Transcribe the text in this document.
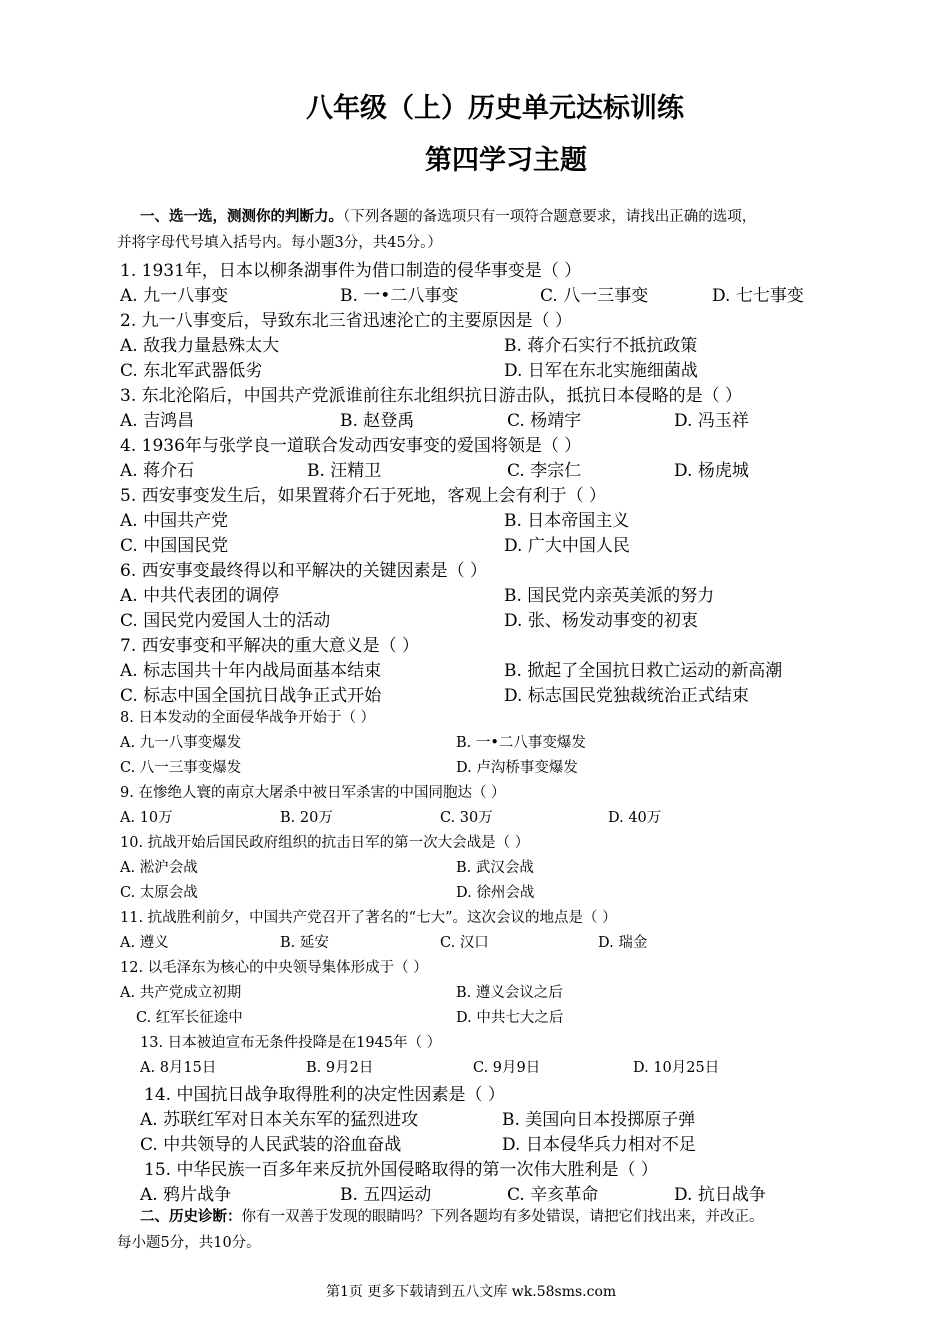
八年级（上）历史单元达标训练
第四学习主题
一、选一选，测测你的判断力。（下列各题的备选项只有一项符合题意要求，请找出正确的选项，
并将字母代号填入括号内。每小题3分，共45分。）
1. 1931年，日本以柳条湖事件为借口制造的侵华事变是（ ）
A. 九一八事变	B. 一•二八事变	C. 八一三事变	D. 七七事变
2. 九一八事变后，导致东北三省迅速沦亡的主要原因是（ ）
A. 敌我力量悬殊太大	B. 蒋介石实行不抵抗政策
C. 东北军武器低劣	D. 日军在东北实施细菌战
3. 东北沦陷后，中国共产党派谁前往东北组织抗日游击队，抵抗日本侵略的是（ ）
A. 吉鸿昌	B. 赵登禹	C. 杨靖宇	D. 冯玉祥
4. 1936年与张学良一道联合发动西安事变的爱国将领是（ ）
A. 蒋介石	B. 汪精卫	C. 李宗仁	D. 杨虎城
5. 西安事变发生后，如果置蒋介石于死地，客观上会有利于（ ）
A. 中国共产党	B. 日本帝国主义
C. 中国国民党	D. 广大中国人民
6. 西安事变最终得以和平解决的关键因素是（ ）
A. 中共代表团的调停	B. 国民党内亲英美派的努力
C. 国民党内爱国人士的活动	D. 张、杨发动事变的初衷
7. 西安事变和平解决的重大意义是（ ）
A. 标志国共十年内战局面基本结束	B. 掀起了全国抗日救亡运动的新高潮
C. 标志中国全国抗日战争正式开始	D. 标志国民党独裁统治正式结束
8. 日本发动的全面侵华战争开始于（ ）
A. 九一八事变爆发	B. 一•二八事变爆发
C. 八一三事变爆发	D. 卢沟桥事变爆发
9. 在惨绝人寰的南京大屠杀中被日军杀害的中国同胞达（ ）
A. 10万	B. 20万	C. 30万	D. 40万
10. 抗战开始后国民政府组织的抗击日军的第一次大会战是（ ）
A. 淞沪会战	B. 武汉会战
C. 太原会战	D. 徐州会战
11. 抗战胜利前夕，中国共产党召开了著名的“七大”。这次会议的地点是（ ）
A. 遵义	B. 延安	C. 汉口	D. 瑞金
12. 以毛泽东为核心的中央领导集体形成于（ ）
A. 共产党成立初期	B. 遵义会议之后
C. 红军长征途中	D. 中共七大之后
13. 日本被迫宣布无条件投降是在1945年（ ）
A. 8月15日	B. 9月2日	C. 9月9日	D. 10月25日
14. 中国抗日战争取得胜利的决定性因素是（ ）
A. 苏联红军对日本关东军的猛烈进攻	B. 美国向日本投掷原子弹
C. 中共领导的人民武装的浴血奋战	D. 日本侵华兵力相对不足
15. 中华民族一百多年来反抗外国侵略取得的第一次伟大胜利是（ ）
A. 鸦片战争	B. 五四运动	C. 辛亥革命	D. 抗日战争
二、历史诊断：你有一双善于发现的眼睛吗？下列各题均有多处错误，请把它们找出来，并改正。
每小题5分，共10分。
第1页 更多下载请到五八文库 wk.58sms.com
